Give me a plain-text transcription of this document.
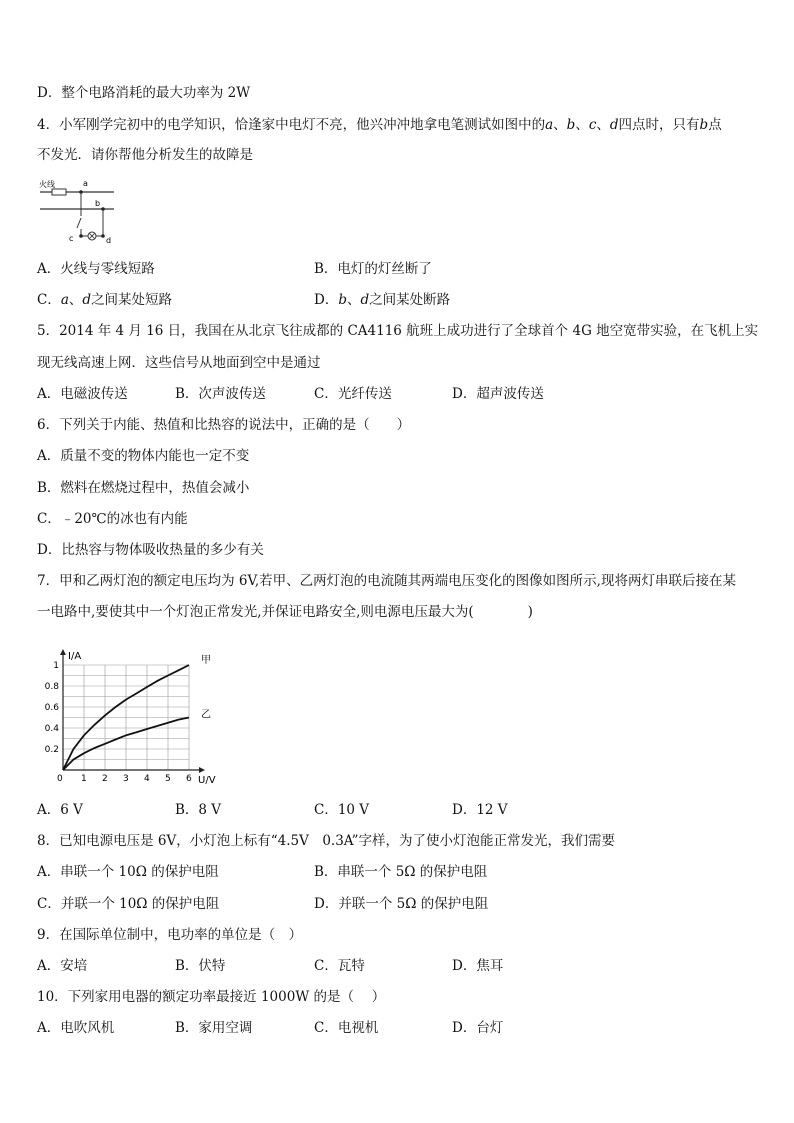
D．整个电路消耗的最大功率为 2W
4．小军刚学完初中的电学知识，恰逢家中电灯不亮，他兴冲冲地拿电笔测试如图中的a、b、c、d四点时，只有b点
不发光．请你帮他分析发生的故障是
火线	a
b
c	d
A．火线与零线短路	B．电灯的灯丝断了
C．a、d之间某处短路	D．b、d之间某处断路
5．2014 年 4 月 16 日，我国在从北京飞往成都的 CA4116 航班上成功进行了全球首个 4G 地空宽带实验，在飞机上实
现无线高速上网．这些信号从地面到空中是通过
A．电磁波传送	B．次声波传送	C．光纤传送	D．超声波传送
6．下列关于内能、热值和比热容的说法中，正确的是（　　）
A．质量不变的物体内能也一定不变
B．燃料在燃烧过程中，热值会减小
C．﹣20℃的冰也有内能
D．比热容与物体吸收热量的多少有关
7．甲和乙两灯泡的额定电压均为 6V,若甲、乙两灯泡的电流随其两端电压变化的图像如图所示,现将两灯串联后接在某
一电路中,要使其中一个灯泡正常发光,并保证电路安全,则电源电压最大为(　　　　)
I/A
U/V
0 1 2 3 4 5 6
0.2
0.4
0.6
0.8
1	甲
乙
A．6 V	B．8 V	C．10 V	D．12 V
8．已知电源电压是 6V，小灯泡上标有“4.5V　0.3A”字样，为了使小灯泡能正常发光，我们需要
A．串联一个 10Ω 的保护电阻	B．串联一个 5Ω 的保护电阻
C．并联一个 10Ω 的保护电阻	D．并联一个 5Ω 的保护电阻
9．在国际单位制中，电功率的单位是（　）
A．安培	B．伏特	C．瓦特	D．焦耳
10．下列家用电器的额定功率最接近 1000W 的是（　 ）
A．电吹风机	B．家用空调	C．电视机	D．台灯
